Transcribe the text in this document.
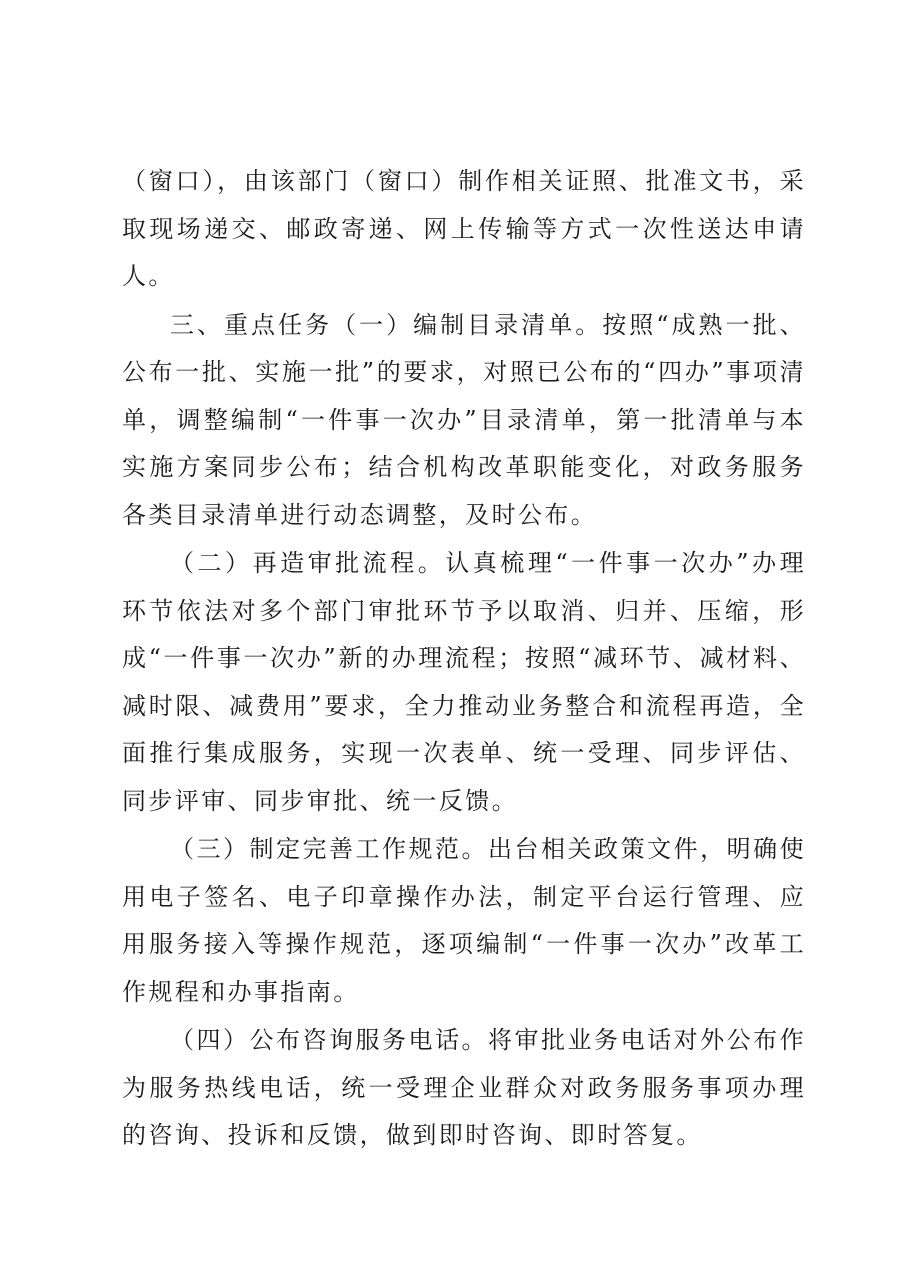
（窗口），由该部门（窗口）制作相关证照、批准文书，采取现场递交、邮政寄递、网上传输等方式一次性送达申请人。

三、重点任务（一）编制目录清单。按照“成熟一批、公布一批、实施一批”的要求，对照已公布的“四办”事项清单，调整编制“一件事一次办”目录清单，第一批清单与本实施方案同步公布；结合机构改革职能变化，对政务服务各类目录清单进行动态调整，及时公布。

（二）再造审批流程。认真梳理“一件事一次办”办理环节依法对多个部门审批环节予以取消、归并、压缩，形成“一件事一次办”新的办理流程；按照“减环节、减材料、减时限、减费用”要求，全力推动业务整合和流程再造，全面推行集成服务，实现一次表单、统一受理、同步评估、同步评审、同步审批、统一反馈。

（三）制定完善工作规范。出台相关政策文件，明确使用电子签名、电子印章操作办法，制定平台运行管理、应用服务接入等操作规范，逐项编制“一件事一次办”改革工作规程和办事指南。

（四）公布咨询服务电话。将审批业务电话对外公布作为服务热线电话，统一受理企业群众对政务服务事项办理的咨询、投诉和反馈，做到即时咨询、即时答复。
